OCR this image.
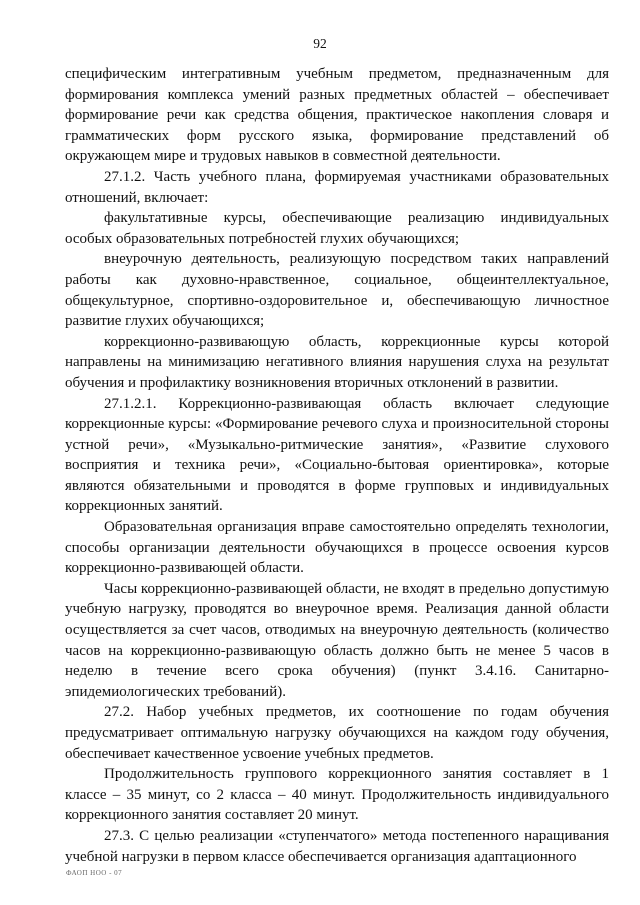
92

специфическим интегративным учебным предметом, предназначенным для формирования комплекса умений разных предметных областей – обеспечивает формирование речи как средства общения, практическое накопления словаря и грамматических форм русского языка, формирование представлений об окружающем мире и трудовых навыков в совместной деятельности.

27.1.2. Часть учебного плана, формируемая участниками образовательных отношений, включает:

факультативные курсы, обеспечивающие реализацию индивидуальных особых образовательных потребностей глухих обучающихся;

внеурочную деятельность, реализующую посредством таких направлений работы как духовно-нравственное, социальное, общеинтеллектуальное, общекультурное, спортивно-оздоровительное и, обеспечивающую личностное развитие глухих обучающихся;

коррекционно-развивающую область, коррекционные курсы которой направлены на минимизацию негативного влияния нарушения слуха на результат обучения и профилактику возникновения вторичных отклонений в развитии.

27.1.2.1. Коррекционно-развивающая область включает следующие коррекционные курсы: «Формирование речевого слуха и произносительной стороны устной речи», «Музыкально-ритмические занятия», «Развитие слухового восприятия и техника речи», «Социально-бытовая ориентировка», которые являются обязательными и проводятся в форме групповых и индивидуальных коррекционных занятий.

Образовательная организация вправе самостоятельно определять технологии, способы организации деятельности обучающихся в процессе освоения курсов коррекционно-развивающей области.

Часы коррекционно-развивающей области, не входят в предельно допустимую учебную нагрузку, проводятся во внеурочное время. Реализация данной области осуществляется за счет часов, отводимых на внеурочную деятельность (количество часов на коррекционно-развивающую область должно быть не менее 5 часов в неделю в течение всего срока обучения) (пункт 3.4.16. Санитарно-эпидемиологических требований).

27.2. Набор учебных предметов, их соотношение по годам обучения предусматривает оптимальную нагрузку обучающихся на каждом году обучения, обеспечивает качественное усвоение учебных предметов.

Продолжительность группового коррекционного занятия составляет в 1 классе – 35 минут, со 2 класса – 40 минут. Продолжительность индивидуального коррекционного занятия составляет 20 минут.

27.3. С целью реализации «ступенчатого» метода постепенного наращивания учебной нагрузки в первом классе обеспечивается организация адаптационного

ФАОП НОО - 07
